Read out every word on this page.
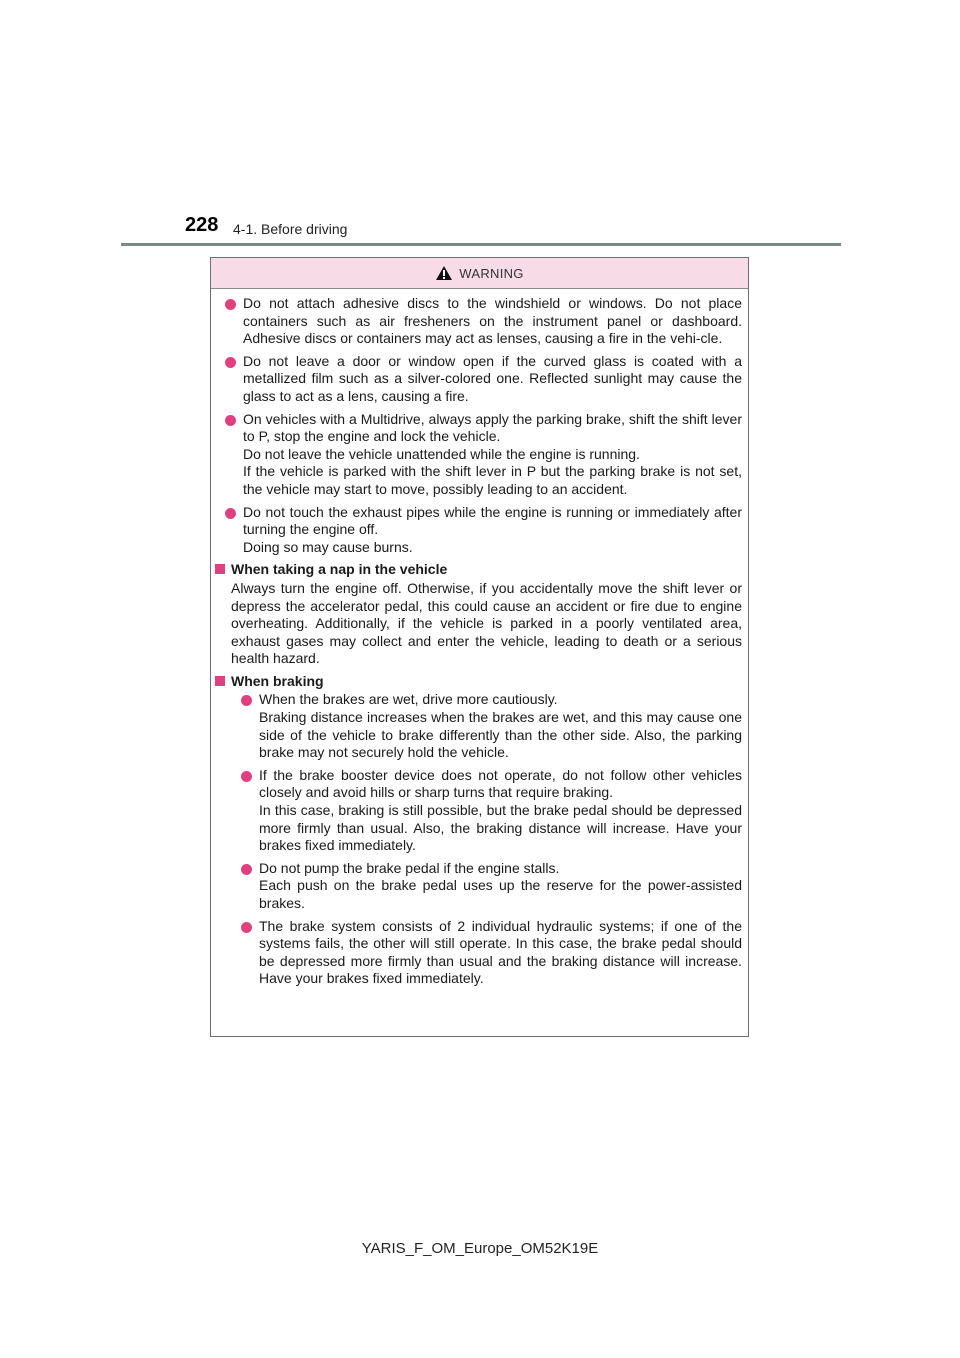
228 4-1. Before driving
WARNING

Do not attach adhesive discs to the windshield or windows. Do not place containers such as air fresheners on the instrument panel or dashboard. Adhesive discs or containers may act as lenses, causing a fire in the vehi-cle.

Do not leave a door or window open if the curved glass is coated with a metallized film such as a silver-colored one. Reflected sunlight may cause the glass to act as a lens, causing a fire.

On vehicles with a Multidrive, always apply the parking brake, shift the shift lever to P, stop the engine and lock the vehicle.

Do not leave the vehicle unattended while the engine is running.

If the vehicle is parked with the shift lever in P but the parking brake is not set, the vehicle may start to move, possibly leading to an accident.

Do not touch the exhaust pipes while the engine is running or immediately after turning the engine off.

Doing so may cause burns.

When taking a nap in the vehicle

Always turn the engine off. Otherwise, if you accidentally move the shift lever or depress the accelerator pedal, this could cause an accident or fire due to engine overheating. Additionally, if the vehicle is parked in a poorly ventilated area, exhaust gases may collect and enter the vehicle, leading to death or a serious health hazard.

When braking

When the brakes are wet, drive more cautiously.

Braking distance increases when the brakes are wet, and this may cause one side of the vehicle to brake differently than the other side. Also, the parking brake may not securely hold the vehicle.

If the brake booster device does not operate, do not follow other vehicles closely and avoid hills or sharp turns that require braking.

In this case, braking is still possible, but the brake pedal should be depressed more firmly than usual. Also, the braking distance will increase. Have your brakes fixed immediately.

Do not pump the brake pedal if the engine stalls.

Each push on the brake pedal uses up the reserve for the power-assisted brakes.

The brake system consists of 2 individual hydraulic systems; if one of the systems fails, the other will still operate. In this case, the brake pedal should be depressed more firmly than usual and the braking distance will increase. Have your brakes fixed immediately.

YARIS_F_OM_Europe_OM52K19E
